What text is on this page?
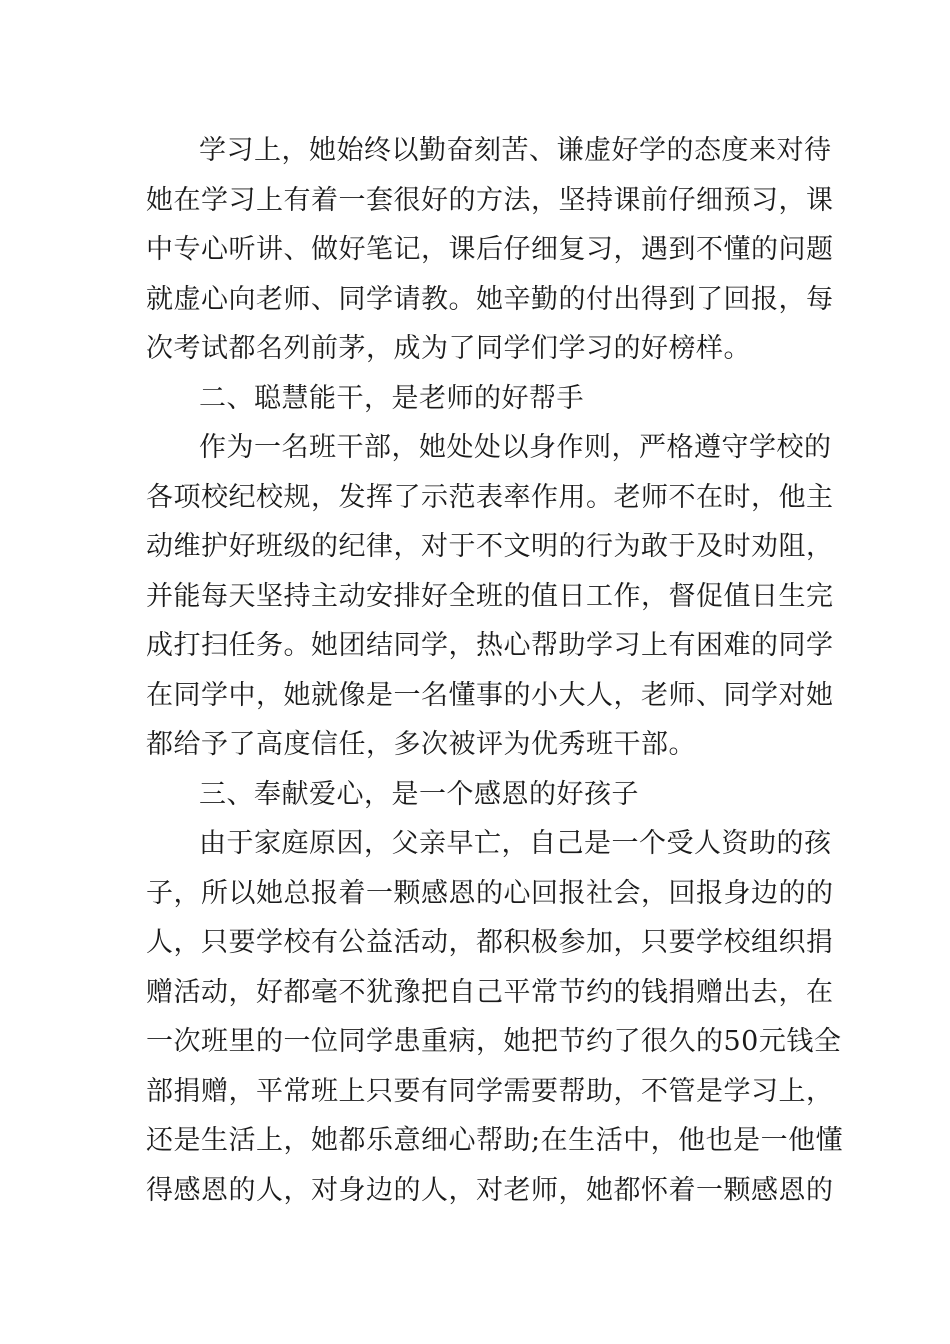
学习上，她始终以勤奋刻苦、谦虚好学的态度来对待
她在学习上有着一套很好的方法，坚持课前仔细预习，课
中专心听讲、做好笔记，课后仔细复习，遇到不懂的问题
就虚心向老师、同学请教。她辛勤的付出得到了回报，每
次考试都名列前茅，成为了同学们学习的好榜样。
二、聪慧能干，是老师的好帮手
作为一名班干部，她处处以身作则，严格遵守学校的
各项校纪校规，发挥了示范表率作用。老师不在时，他主
动维护好班级的纪律，对于不文明的行为敢于及时劝阻，
并能每天坚持主动安排好全班的值日工作，督促值日生完
成打扫任务。她团结同学，热心帮助学习上有困难的同学
在同学中，她就像是一名懂事的小大人，老师、同学对她
都给予了高度信任，多次被评为优秀班干部。
三、奉献爱心，是一个感恩的好孩子
由于家庭原因，父亲早亡，自己是一个受人资助的孩
子，所以她总报着一颗感恩的心回报社会，回报身边的的
人，只要学校有公益活动，都积极参加，只要学校组织捐
赠活动，好都毫不犹豫把自己平常节约的钱捐赠出去，在
一次班里的一位同学患重病，她把节约了很久的50元钱全
部捐赠，平常班上只要有同学需要帮助，不管是学习上，
还是生活上，她都乐意细心帮助;在生活中，他也是一他懂
得感恩的人，对身边的人，对老师，她都怀着一颗感恩的
